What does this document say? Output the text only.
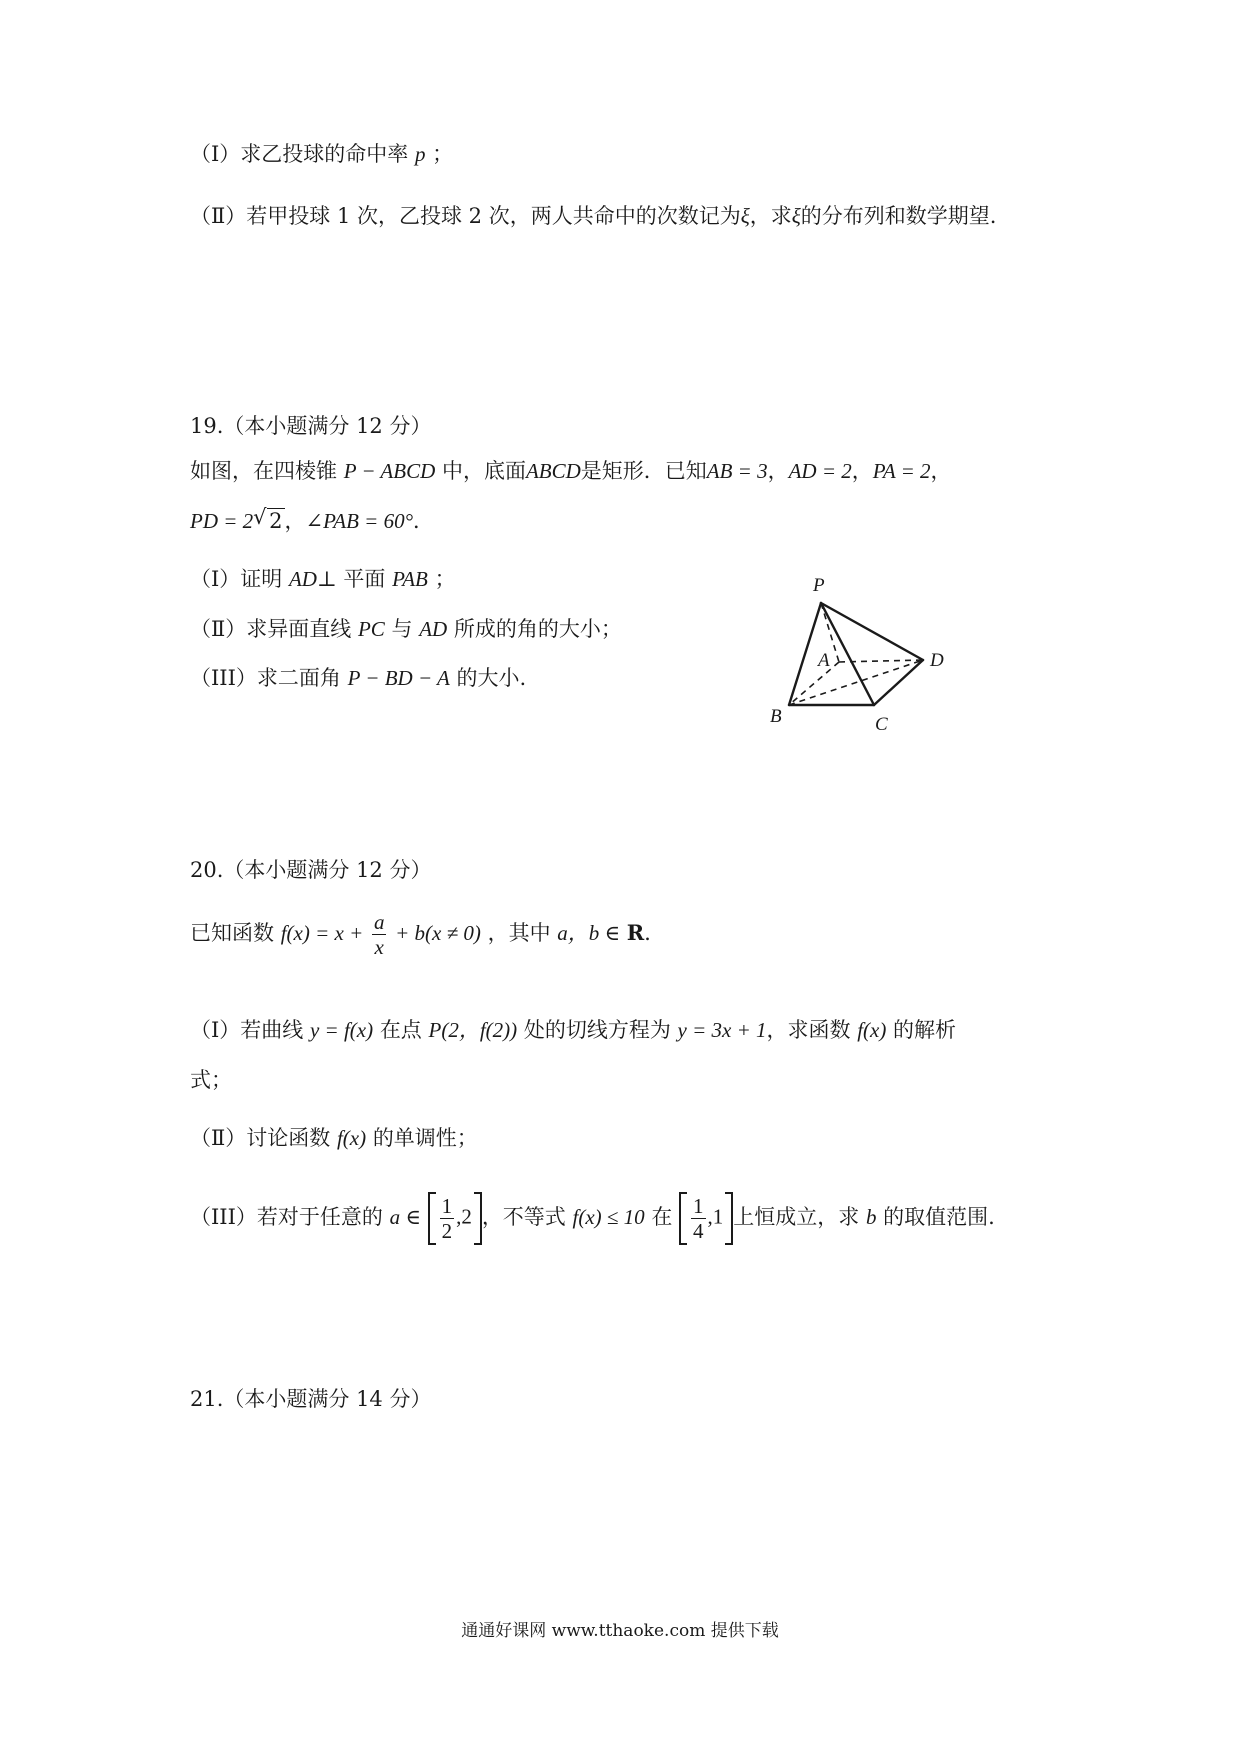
（Ⅰ）求乙投球的命中率 p ；
（Ⅱ）若甲投球 1 次，乙投球 2 次，两人共命中的次数记为ξ，求ξ的分布列和数学期望.
19.（本小题满分 12 分）
如图，在四棱锥 P − ABCD 中，底面ABCD是矩形．已知AB = 3，AD = 2，PA = 2，
PD = 2 √ 2，∠PAB = 60°．
（Ⅰ）证明 AD⊥ 平面 PAB ；
（Ⅱ）求异面直线 PC 与 AD 所成的角的大小；
（III）求二面角 P − BD − A 的大小.
P
A
B	C
D
20.（本小题满分 12 分）
已知函数 $f(x) = x + \frac{a}{x} + b(x \ne 0)$ ，其中 a，b ∈ R．
（Ⅰ）若曲线 y = f(x) 在点 P(2，f(2)) 处的切线方程为 y = 3x + 1，求函数 f(x) 的解析
式；
（Ⅱ）讨论函数 f(x) 的单调性；
（III）若对于任意的 a ∈ $\frac{1}{2} ,2$ ，不等式 f(x) ≤ 10 在 $\frac{1}{4} ,1$ 上恒成立，求 b 的取值范围.
21.（本小题满分 14 分）
通通好课网 www.tthaoke.com 提供下载
